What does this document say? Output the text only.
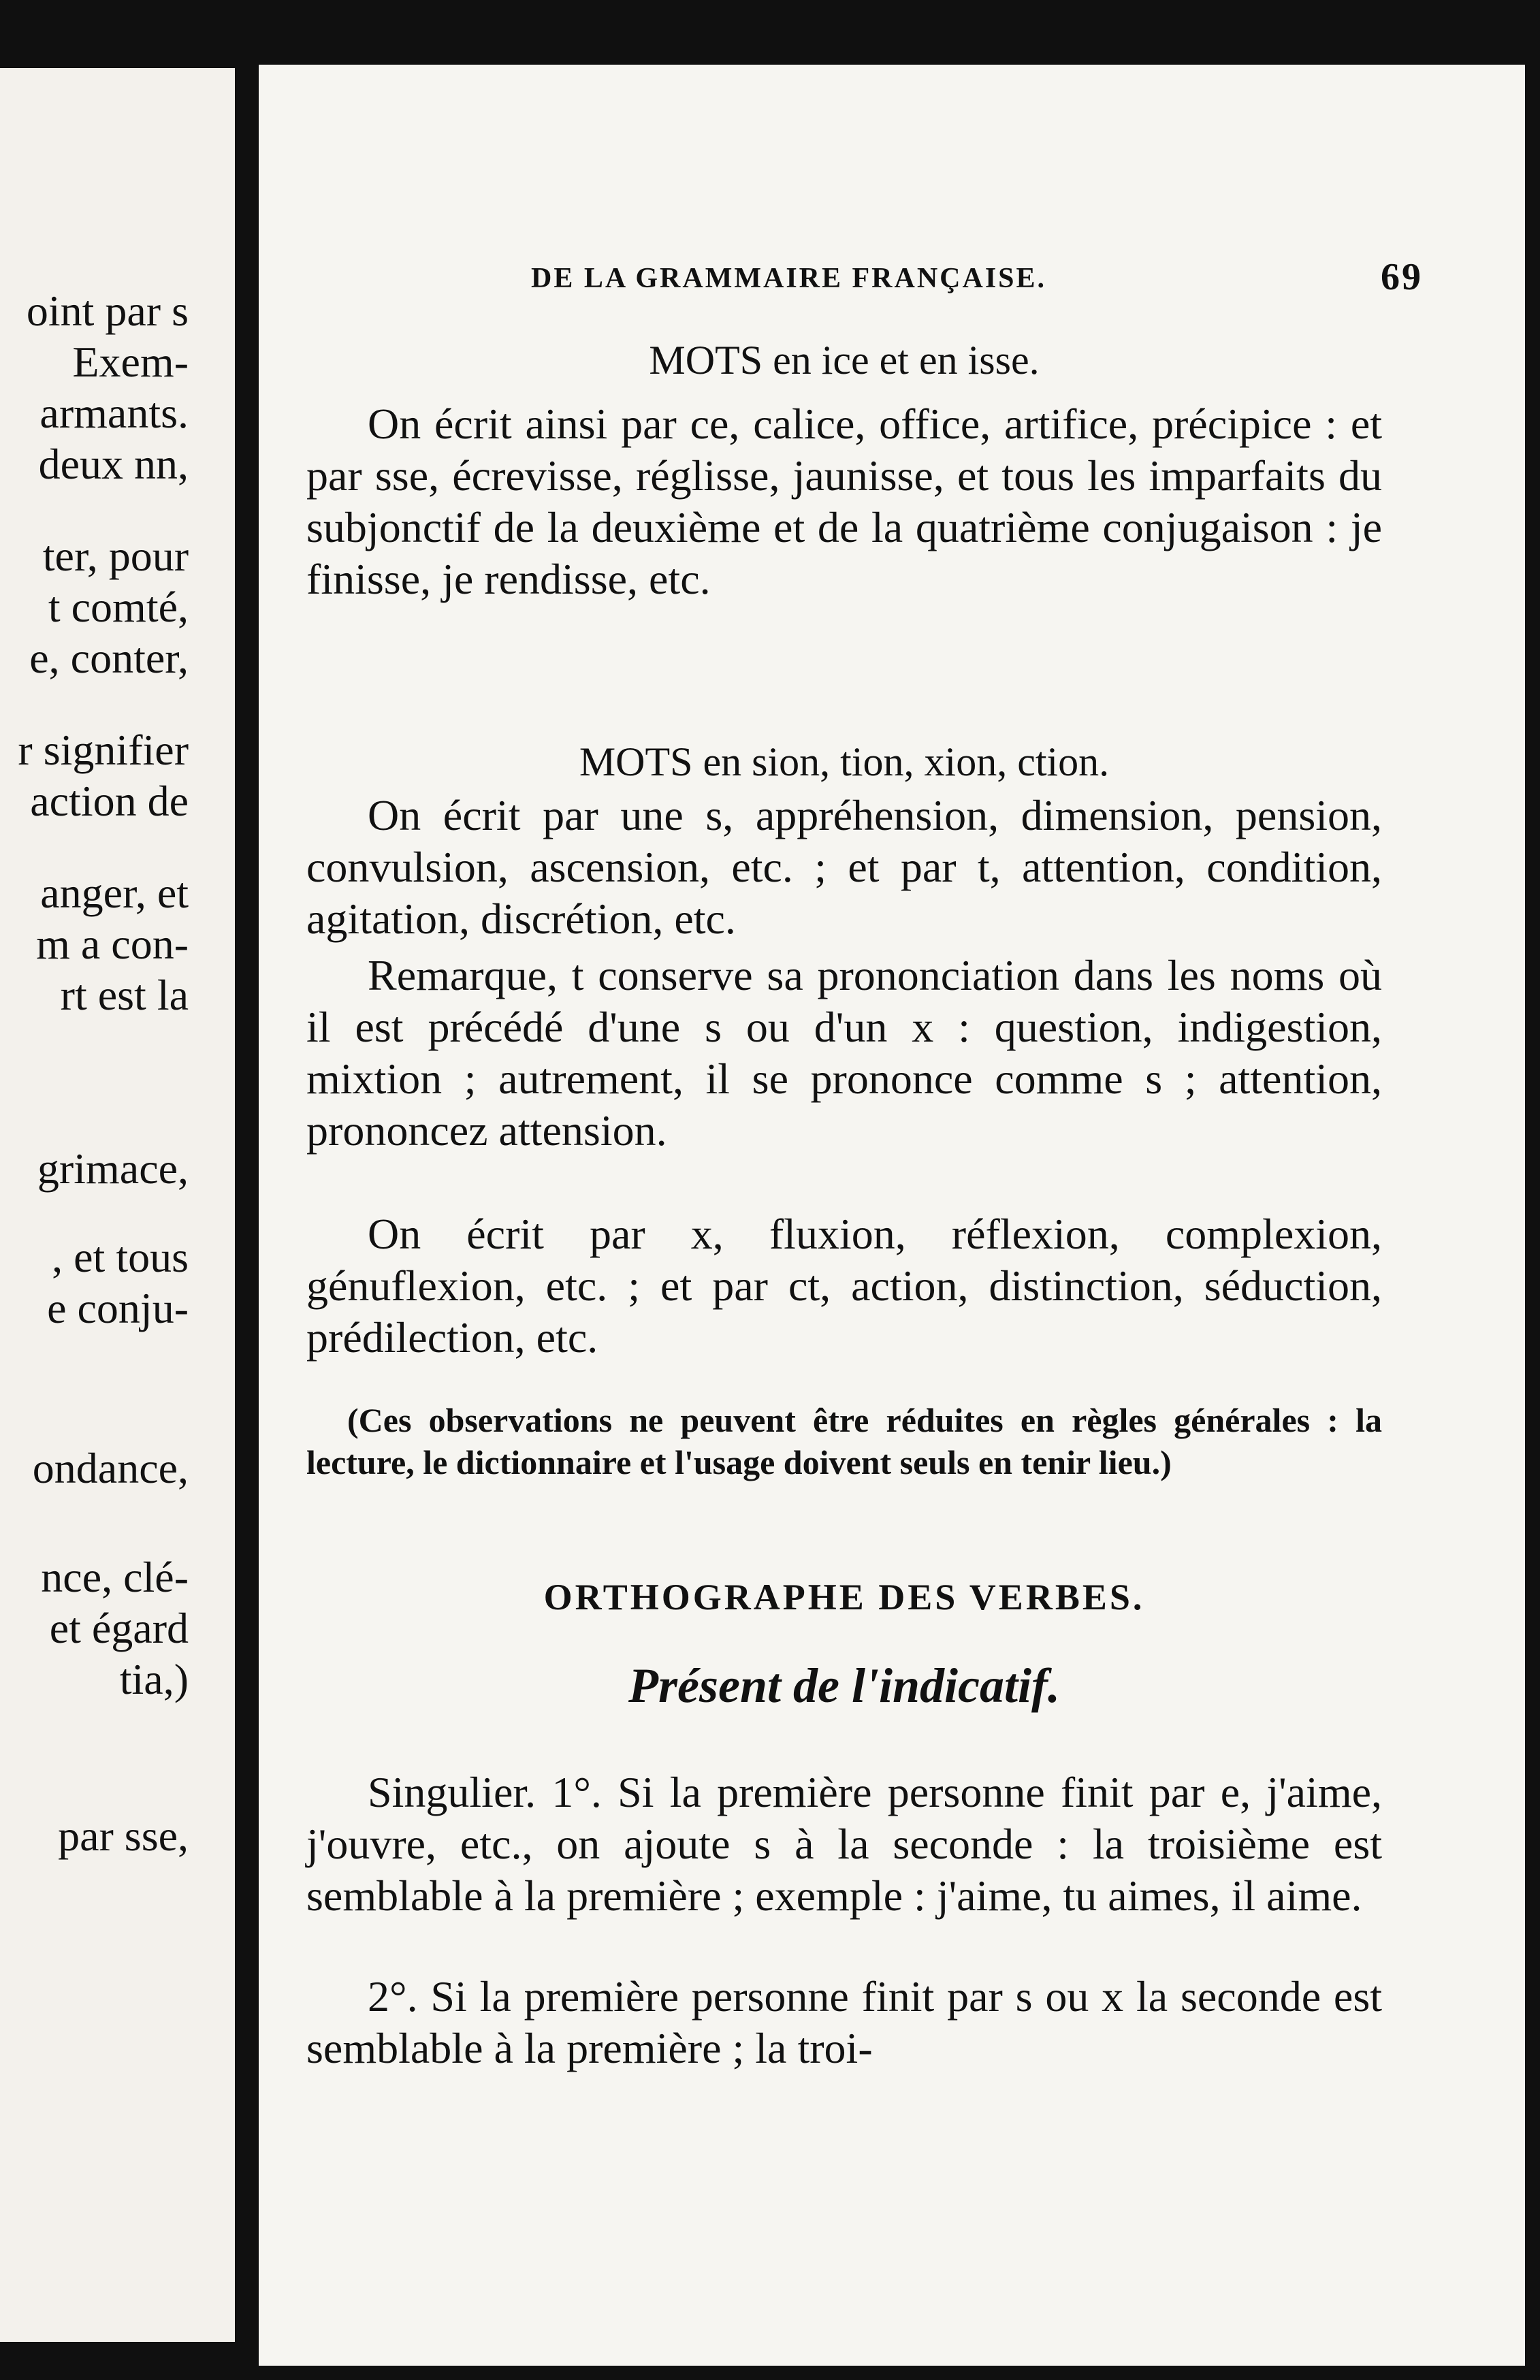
oint par s
Exem-
armants.
deux nn,
ter, pour
t comté,
e, conter,
r signifier
action de
anger, et
m a con-
rt est la
grimace,
, et tous
e conju-
ondance,
nce, clé-
et égard
tia,)
par sse,
DE LA GRAMMAIRE FRANÇAISE.	69
MOTS en ice et en isse.

On écrit ainsi par ce, calice, office, artifice, précipice : et par sse, écrevisse, réglisse, jaunisse, et tous les imparfaits du subjonctif de la deuxième et de la quatrième conjugaison : je finisse, je rendisse, etc.

MOTS en sion, tion, xion, ction.

On écrit par une s, appréhension, dimension, pension, convulsion, ascension, etc. ; et par t, attention, condition, agitation, discrétion, etc.

Remarque, t conserve sa prononciation dans les noms où il est précédé d'une s ou d'un x : question, indigestion, mixtion ; autrement, il se prononce comme s ; attention, prononcez attension.

On écrit par x, fluxion, réflexion, complexion, génuflexion, etc. ; et par ct, action, distinction, séduction, prédilection, etc.

(Ces observations ne peuvent être réduites en règles générales : la lecture, le dictionnaire et l'usage doivent seuls en tenir lieu.)

ORTHOGRAPHE DES VERBES.
Présent de l'indicatif.

Singulier. 1°. Si la première personne finit par e, j'aime, j'ouvre, etc., on ajoute s à la seconde : la troisième est semblable à la première ; exemple : j'aime, tu aimes, il aime.

2°. Si la première personne finit par s ou x la seconde est semblable à la première ; la troi-
